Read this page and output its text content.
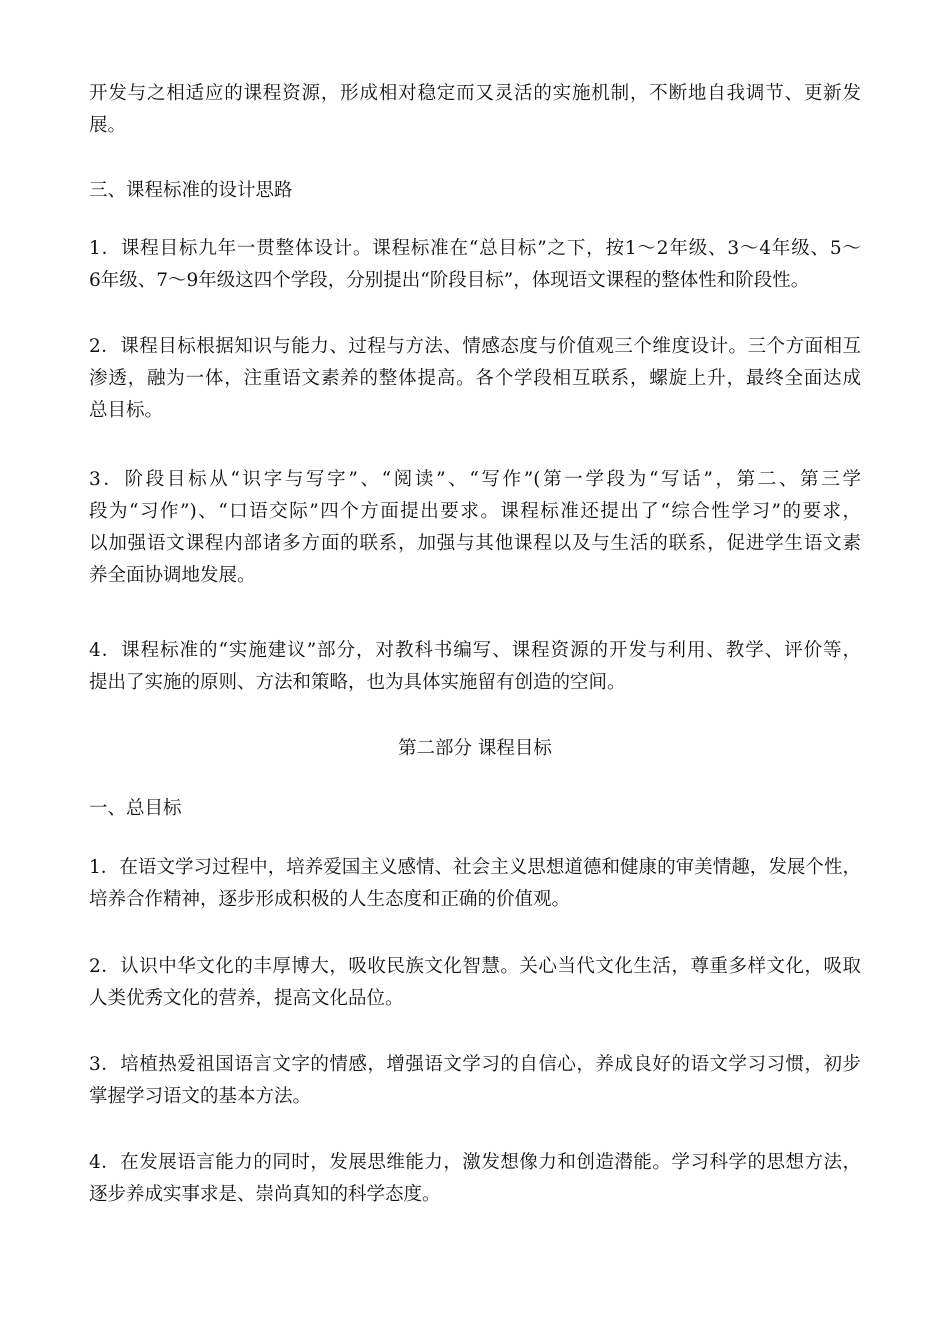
开发与之相适应的课程资源，形成相对稳定而又灵活的实施机制，不断地自我调节、更新发
展。
三、课程标准的设计思路
1．课程目标九年一贯整体设计。课程标准在“总目标”之下，按1～2年级、3～4年级、5～
6年级、7～9年级这四个学段，分别提出“阶段目标”，体现语文课程的整体性和阶段性。
2．课程目标根据知识与能力、过程与方法、情感态度与价值观三个维度设计。三个方面相互
渗透，融为一体，注重语文素养的整体提高。各个学段相互联系，螺旋上升，最终全面达成
总目标。
3．阶段目标从“识字与写字”、“阅读”、“写作”(第一学段为“写话”，第二、第三学
段为“习作”)、“口语交际”四个方面提出要求。课程标准还提出了“综合性学习”的要求，
以加强语文课程内部诸多方面的联系，加强与其他课程以及与生活的联系，促进学生语文素
养全面协调地发展。
4．课程标准的“实施建议”部分，对教科书编写、课程资源的开发与利用、教学、评价等，
提出了实施的原则、方法和策略，也为具体实施留有创造的空间。
第二部分 课程目标
一、总目标
1．在语文学习过程中，培养爱国主义感情、社会主义思想道德和健康的审美情趣，发展个性，
培养合作精神，逐步形成积极的人生态度和正确的价值观。
2．认识中华文化的丰厚博大，吸收民族文化智慧。关心当代文化生活，尊重多样文化，吸取
人类优秀文化的营养，提高文化品位。
3．培植热爱祖国语言文字的情感，增强语文学习的自信心，养成良好的语文学习习惯，初步
掌握学习语文的基本方法。
4．在发展语言能力的同时，发展思维能力，激发想像力和创造潜能。学习科学的思想方法，
逐步养成实事求是、崇尚真知的科学态度。
